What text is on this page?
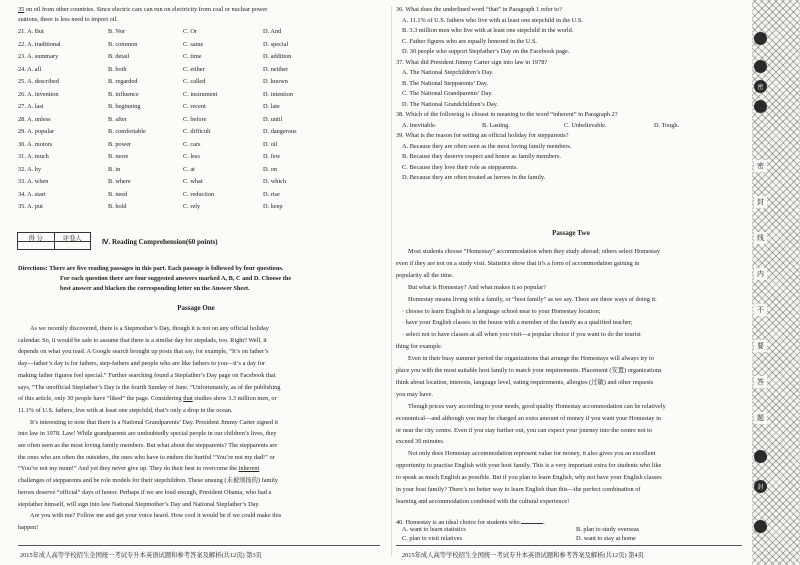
35 on oil from other countries. Since electric cars can run on electricity from coal or nuclear power
stations, there is less need to import oil.
21. A. But	B. Nor	C. Or	D. And
22. A. traditional	B. common	C. same	D. special
23. A. summary	B. detail	C. time	D. addition
24. A. all	B. both	C. either	D. neither
25. A. described	B. regarded	C. called	D. known
26. A. invention	B. influence	C. instrument	D. intention
27. A. last	B. beginning	C. recent	D. late
28. A. unless	B. after	C. before	D. until
29. A. popular	B. comfortable	C. difficult	D. dangerous
30. A. motors	B. power	C. cars	D. oil
31. A. much	B. more	C. less	D. few
32. A. by	B. in	C. at	D. on
33. A. when	B. where	C. what	D. which
34. A. start	B. need	C. reduction	D. rise
35. A. put	B. hold	C. rely	D. keep
得 分	评卷人	Ⅳ. Reading Comprehension(60 points)
Directions: There are five reading passages in this part. Each passage is followed by four questions.
For each question there are four suggested answers marked A, B, C and D. Choose the
best answer and blacken the corresponding letter on the Answer Sheet.
Passage One
As we recently discovered, there is a Stepmother’s Day, though it is not on any official holiday
calendar. So, it would be safe to assume that there is a similar day for stepdads, too. Right? Well, it
depends on what you read. A Google search brought up posts that say, for example, “It’s on father’s
day—father’s day is for fathers, step-fathers and people who are like fathers to you—it’s a day for
making father figures feel special.” Further searching found a Stepfather’s Day page on Facebook that
says, “The unofficial Stepfather’s Day is the fourth Sunday of June. ”Unfortunately, as of the publishing
of this article, only 30 people have “liked” the page. Considering that studies show 3.3 million men, or
11.1% of U.S. fathers, live with at least one stepchild, that’s only a drop in the ocean.
It’s interesting to note that there is a National Grandparents’ Day. President Jimmy Carter signed it
into law in 1978. Law! While grandparents are undoubtedly special people in our children’s lives, they
are often seen as the most loving family members. But what about the stepparents? The stepparents are
the ones who are often the outsiders, the ones who have to endure the hurtful “You’re not my dad!” or
“You’re not my mom!” And yet they never give up. They do their best to overcome the inherent
challenges of stepparents and be role models for their stepchildren. These unsung (未被颂扬的) family
heroes deserve “official” days of honor. Perhaps if we are loud enough, President Obama, who had a
stepfather himself, will sign into law National Stepmother’s Day and National Stepfather’s Day.
Are you with me? Follow me and get your voice heard. How cool it would be if we could make this
happen!
2015年成人高等学校招生全国统一考试专升本英语试题和参考答案及解析(共12页) 第3页
36. What does the underlined word “that” in Paragraph 1 refer to?
A. 11.1% of U.S. fathers who live with at least one stepchild in the U.S.
B. 3.3 million men who live with at least one stepchild in the world.
C. Father figures who are equally honored in the U.S.
D. 30 people who support Stepfather’s Day on the Facebook page.
37. What did President Jimmy Carter sign into law in 1978?
A. The National Stepchildren’s Day.
B. The National Stepparents’ Day.
C. The National Grandparents’ Day.
D. The National Grandchildren’s Day.
38. Which of the following is closest in meaning to the word “inherent” in Paragraph 2?
A. Inevitable.	B. Lasting.	C. Unbelievable.	D. Tough.
39. What is the reason for setting an official holiday for stepparents?
A. Because they are often seen as the most loving family members.
B. Because they deserve respect and honor as family members.
C. Because they love their role as stepparents.
D. Because they are often treated as heroes in the family.
Passage Two
Most students choose “Homestay” accommodation when they study abroad; others select Homestay
even if they are not on a study visit. Statistics show that it’s a form of accommodation gaining in
popularity all the time.
But what is Homestay? And what makes it so popular?
Homestay means living with a family, or “host family” as we say. There are three ways of doing it:
· choose to learn English in a language school near to your Homestay location;
· have your English classes in the house with a member of the family as a qualified teacher;
· select not to have classes at all when you visit—a popular choice if you want to do the tourist
thing for example.
Even in their busy summer period the organizations that arrange the Homestays will always try to
place you with the most suitable host family to match your requirements. Placement (安置) organizations
think about location, interests, language level, eating requirements, allergies (过敏) and other requests
you may have.
Though prices vary according to your needs, good quality Homestay accommodation can be relatively
economical—and although you may be charged an extra amount of money if you want your Homestay in
or near the city centre. Even if you stay further out, you can expect your journey into the centre not to
exceed 30 minutes.
Not only does Homestay accommodation represent value for money, it also gives you an excellent
opportunity to practise English with your host family. This is a very important extra for students who like
to speak as much English as possible. But if you plan to learn English, why not have your English classes
in your host family? There’s no better way to learn English than this—the perfect combination of
learning and accommodation combined with the cultural experience!
40. Homestay is an ideal choice for students who	.
A. want to learn statistics	B. plan to study overseas
C. plan to visit relatives	D. want to stay at home
2015年成人高等学校招生全国统一考试专升本英语试题和参考答案及解析(共12页) 第4页
密
封
线
内
不
要
答
题
密
封
